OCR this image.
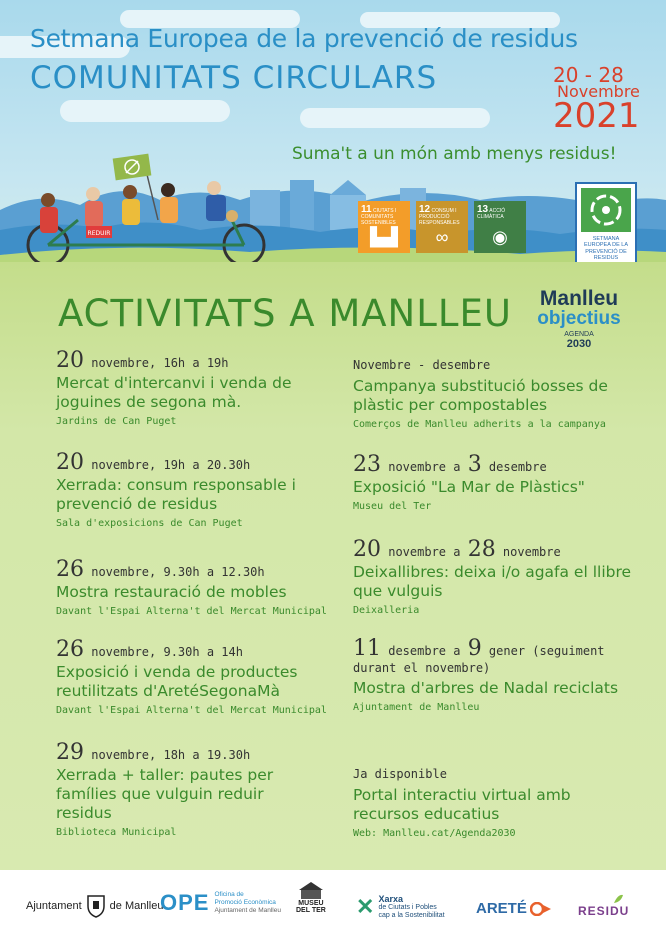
Setmana Europea de la prevenció de residus
COMUNITATS CIRCULARS	20 - 28
Novembre
2021
Suma't a un món amb menys residus!
REDUIR
11 CIUTATS I COMUNITATS SOSTENIBLES
▙▟
12 CONSUM I PRODUCCIÓ RESPONSABLES
∞
13 ACCIÓ CLIMÀTICA
◉	SETMANA EUROPEA DE LA PREVENCIÓ DE RESIDUS
ACTIVITATS A MANLLEU	Manlleu
objectius
AGENDA
2030
20 novembre, 16h a 19h
Mercat d'intercanvi i venda de joguines de segona mà.
Jardins de Can Puget
20 novembre, 19h a 20.30h
Xerrada: consum responsable i prevenció de residus
Sala d'exposicions de Can Puget
26 novembre, 9.30h a 12.30h
Mostra restauració de mobles
Davant l'Espai Alterna't del Mercat Municipal
26 novembre, 9.30h a 14h
Exposició i venda de productes reutilitzats d'AretéSegonaMà
Davant l'Espai Alterna't del Mercat Municipal
29 novembre, 18h a 19.30h
Xerrada + taller: pautes per famílies que vulguin reduir residus
Biblioteca Municipal
Novembre - desembre
Campanya substitució bosses de plàstic per compostables
Comerços de Manlleu adherits a la campanya
23 novembre a 3 desembre
Exposició "La Mar de Plàstics"
Museu del Ter
20 novembre a 28 novembre
Deixallibres: deixa i/o agafa el llibre que vulguis
Deixalleria
11 desembre a 9 gener (seguiment
durant el novembre)
Mostra d'arbres de Nadal reciclats
Ajuntament de Manlleu
Ja disponible
Portal interactiu virtual amb recursos educatius
Web: Manlleu.cat/Agenda2030
Ajuntament	de Manlleu
OPE Oficina de
Promoció Econòmica
Ajuntament de Manlleu
MUSEU
DEL TER ✕ Xarxa
de Ciutats i Pobles
cap a la Sostenibilitat ARETÉ	RESIDU
